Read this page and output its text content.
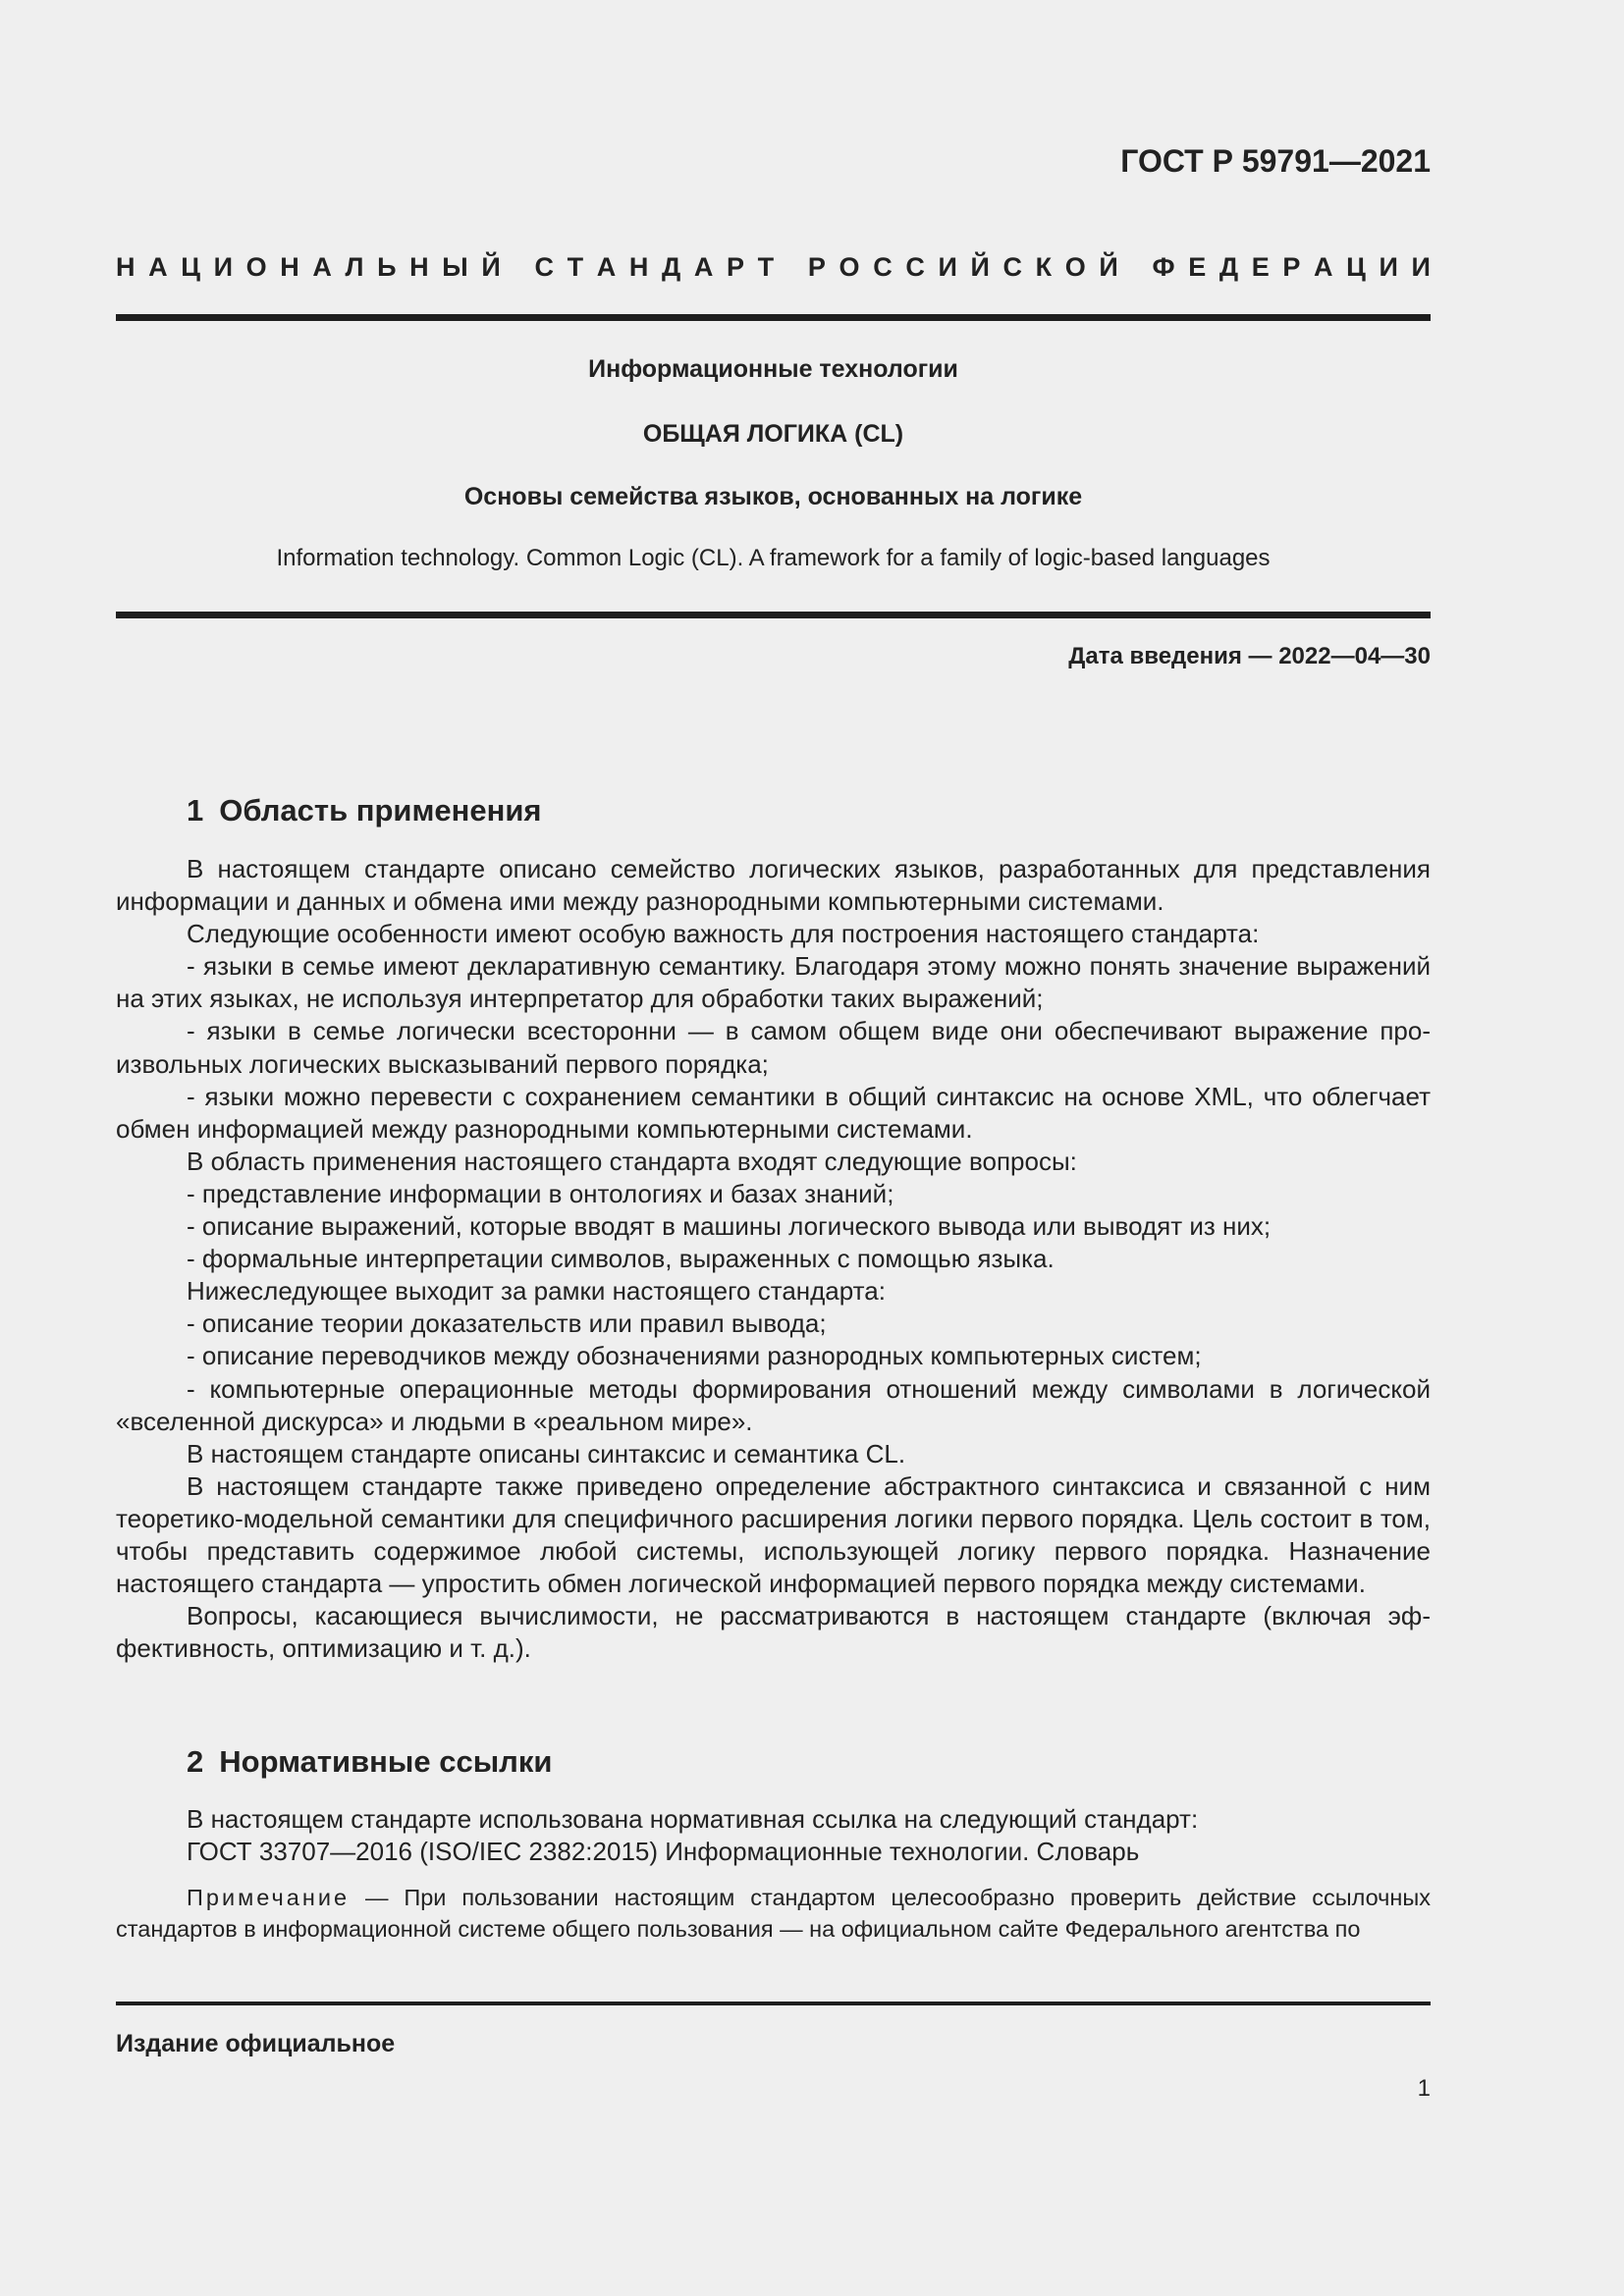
ГОСТ Р 59791—2021
Н А Ц И О Н А Л Ь Н Ы Й
С Т А Н Д А Р Т
Р О С С И Й С К О Й
Ф Е Д Е Р А Ц И И
Информационные технологии
ОБЩАЯ ЛОГИКА (CL)
Основы семейства языков, основанных на логике
Information technology. Common Logic (CL). A framework for a family of logic-based languages
Дата введения — 2022—04—30
1 Область применения

В настоящем стандарте описано семейство логических языков, разработанных для представления информации и данных и обмена ими между разнородными компьютерными системами.

Следующие особенности имеют особую важность для построения настоящего стандарта:

- языки в семье имеют декларативную семантику. Благодаря этому можно понять значение выражений на этих языках, не используя интерпретатор для обработки таких выражений;

- языки в семье логически всесторонни — в самом общем виде они обеспечивают выражение произвольных логических высказываний первого порядка;

- языки можно перевести с сохранением семантики в общий синтаксис на основе XML, что облегчает обмен информацией между разнородными компьютерными системами.

В область применения настоящего стандарта входят следующие вопросы:

- представление информации в онтологиях и базах знаний;

- описание выражений, которые вводят в машины логического вывода или выводят из них;

- формальные интерпретации символов, выраженных с помощью языка.

Нижеследующее выходит за рамки настоящего стандарта:

- описание теории доказательств или правил вывода;

- описание переводчиков между обозначениями разнородных компьютерных систем;

- компьютерные операционные методы формирования отношений между символами в логической «вселенной дискурса» и людьми в «реальном мире».

В настоящем стандарте описаны синтаксис и семантика CL.

В настоящем стандарте также приведено определение абстрактного синтаксиса и связанной с ним теоретико-модельной семантики для специфичного расширения логики первого порядка. Цель состоит в том, чтобы представить содержимое любой системы, использующей логику первого порядка. Назначение настоящего стандарта — упростить обмен логической информацией первого порядка между системами.

Вопросы, касающиеся вычислимости, не рассматриваются в настоящем стандарте (включая эффективность, оптимизацию и т. д.).

2 Нормативные ссылки

В настоящем стандарте использована нормативная ссылка на следующий стандарт:

ГОСТ 33707—2016 (ISO/IEC 2382:2015) Информационные технологии. Словарь

Примечание — При пользовании настоящим стандартом целесообразно проверить действие ссылочных стандартов в информационной системе общего пользования — на официальном сайте Федерального агентства по
Издание официальное
1
